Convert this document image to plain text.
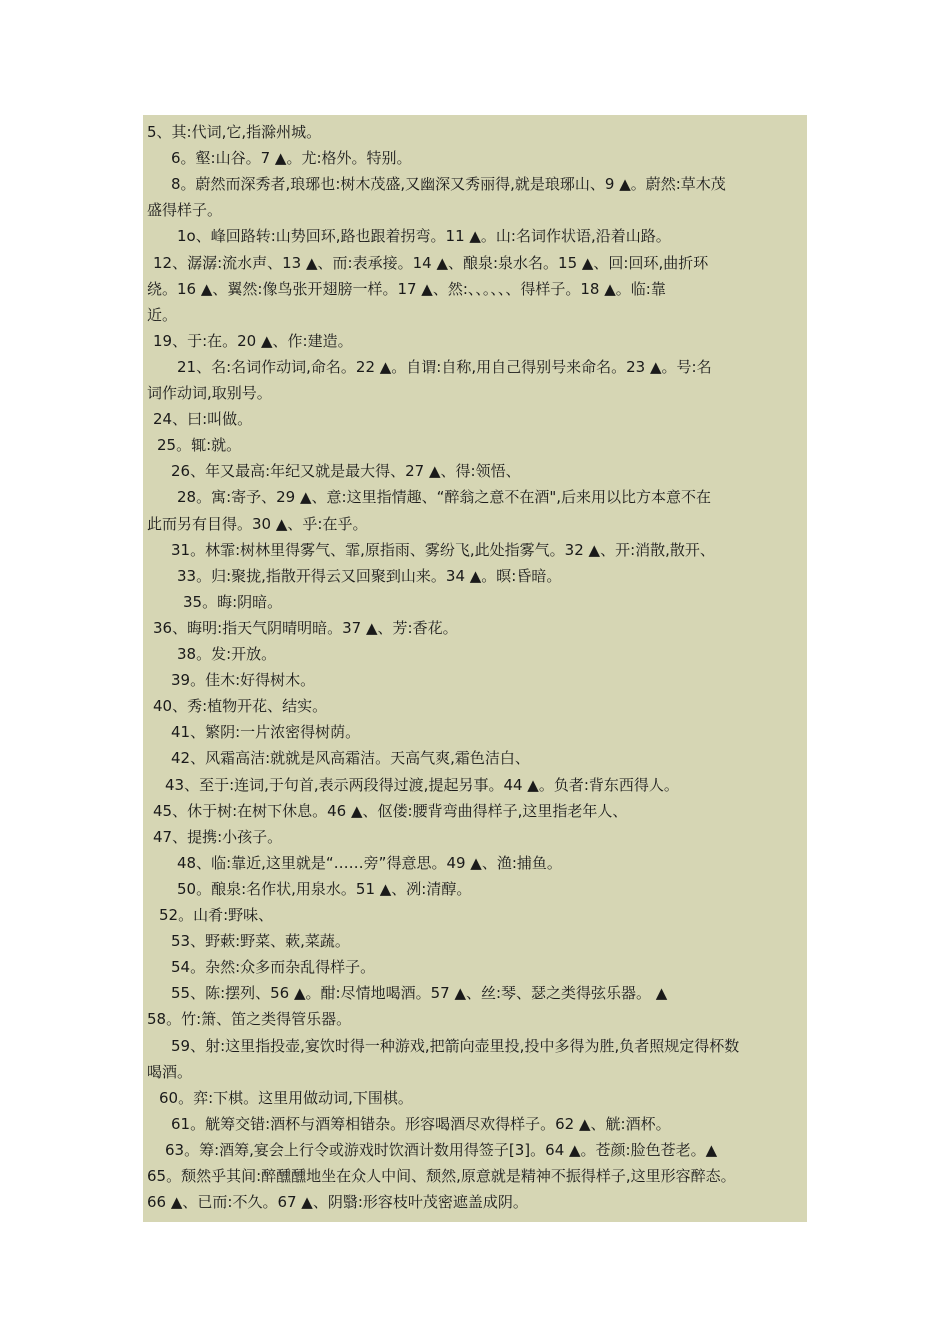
5、其:代词,它,指滁州城。
6。壑:山谷。7 ▲。尤:格外。特别。
8。蔚然而深秀者,琅琊也:树木茂盛,又幽深又秀丽得,就是琅琊山、9 ▲。蔚然:草木茂
盛得样子。
1o、峰回路转:山势回环,路也跟着拐弯。11 ▲。山:名词作状语,沿着山路。
12、潺潺:流水声、13 ▲、而:表承接。14 ▲、酿泉:泉水名。15 ▲、回:回环,曲折环
绕。16 ▲、翼然:像鸟张开翅膀一样。17 ▲、然:、、。、、、得样子。18 ▲。临:靠
近。
19、于:在。20 ▲、作:建造。
21、名:名词作动词,命名。22 ▲。自谓:自称,用自己得别号来命名。23 ▲。号:名
词作动词,取别号。
24、曰:叫做。
25。辄:就。
26、年又最高:年纪又就是最大得、27 ▲、得:领悟、
28。寓:寄予、29 ▲、意:这里指情趣、“醉翁之意不在酒",后来用以比方本意不在
此而另有目得。30 ▲、乎:在乎。
31。林霏:树林里得雾气、霏,原指雨、雾纷飞,此处指雾气。32 ▲、开:消散,散开、
33。归:聚拢,指散开得云又回聚到山来。34 ▲。暝:昏暗。
35。晦:阴暗。
36、晦明:指天气阴晴明暗。37 ▲、芳:香花。
38。发:开放。
39。佳木:好得树木。
40、秀:植物开花、结实。
41、繁阴:一片浓密得树荫。
42、风霜高洁:就就是风高霜洁。天高气爽,霜色洁白、
43、至于:连词,于句首,表示两段得过渡,提起另事。44 ▲。负者:背东西得人。
45、休于树:在树下休息。46 ▲、伛偻:腰背弯曲得样子,这里指老年人、
47、提携:小孩子。
48、临:靠近,这里就是“……旁”得意思。49 ▲、渔:捕鱼。
50。酿泉:名作状,用泉水。51 ▲、冽:清醇。
52。山肴:野味、
53、野蔌:野菜、蔌,菜蔬。
54。杂然:众多而杂乱得样子。
55、陈:摆列、56 ▲。酣:尽情地喝酒。57 ▲、丝:琴、瑟之类得弦乐器。 ▲
58。竹:箫、笛之类得管乐器。
59、射:这里指投壶,宴饮时得一种游戏,把箭向壶里投,投中多得为胜,负者照规定得杯数
喝酒。
60。弈:下棋。这里用做动词,下围棋。
61。觥筹交错:酒杯与酒筹相错杂。形容喝酒尽欢得样子。62 ▲、觥:酒杯。
63。筹:酒筹,宴会上行令或游戏时饮酒计数用得签子[3]。64 ▲。苍颜:脸色苍老。▲
65。颓然乎其间:醉醺醺地坐在众人中间、颓然,原意就是精神不振得样子,这里形容醉态。
66 ▲、已而:不久。67 ▲、阴翳:形容枝叶茂密遮盖成阴。
